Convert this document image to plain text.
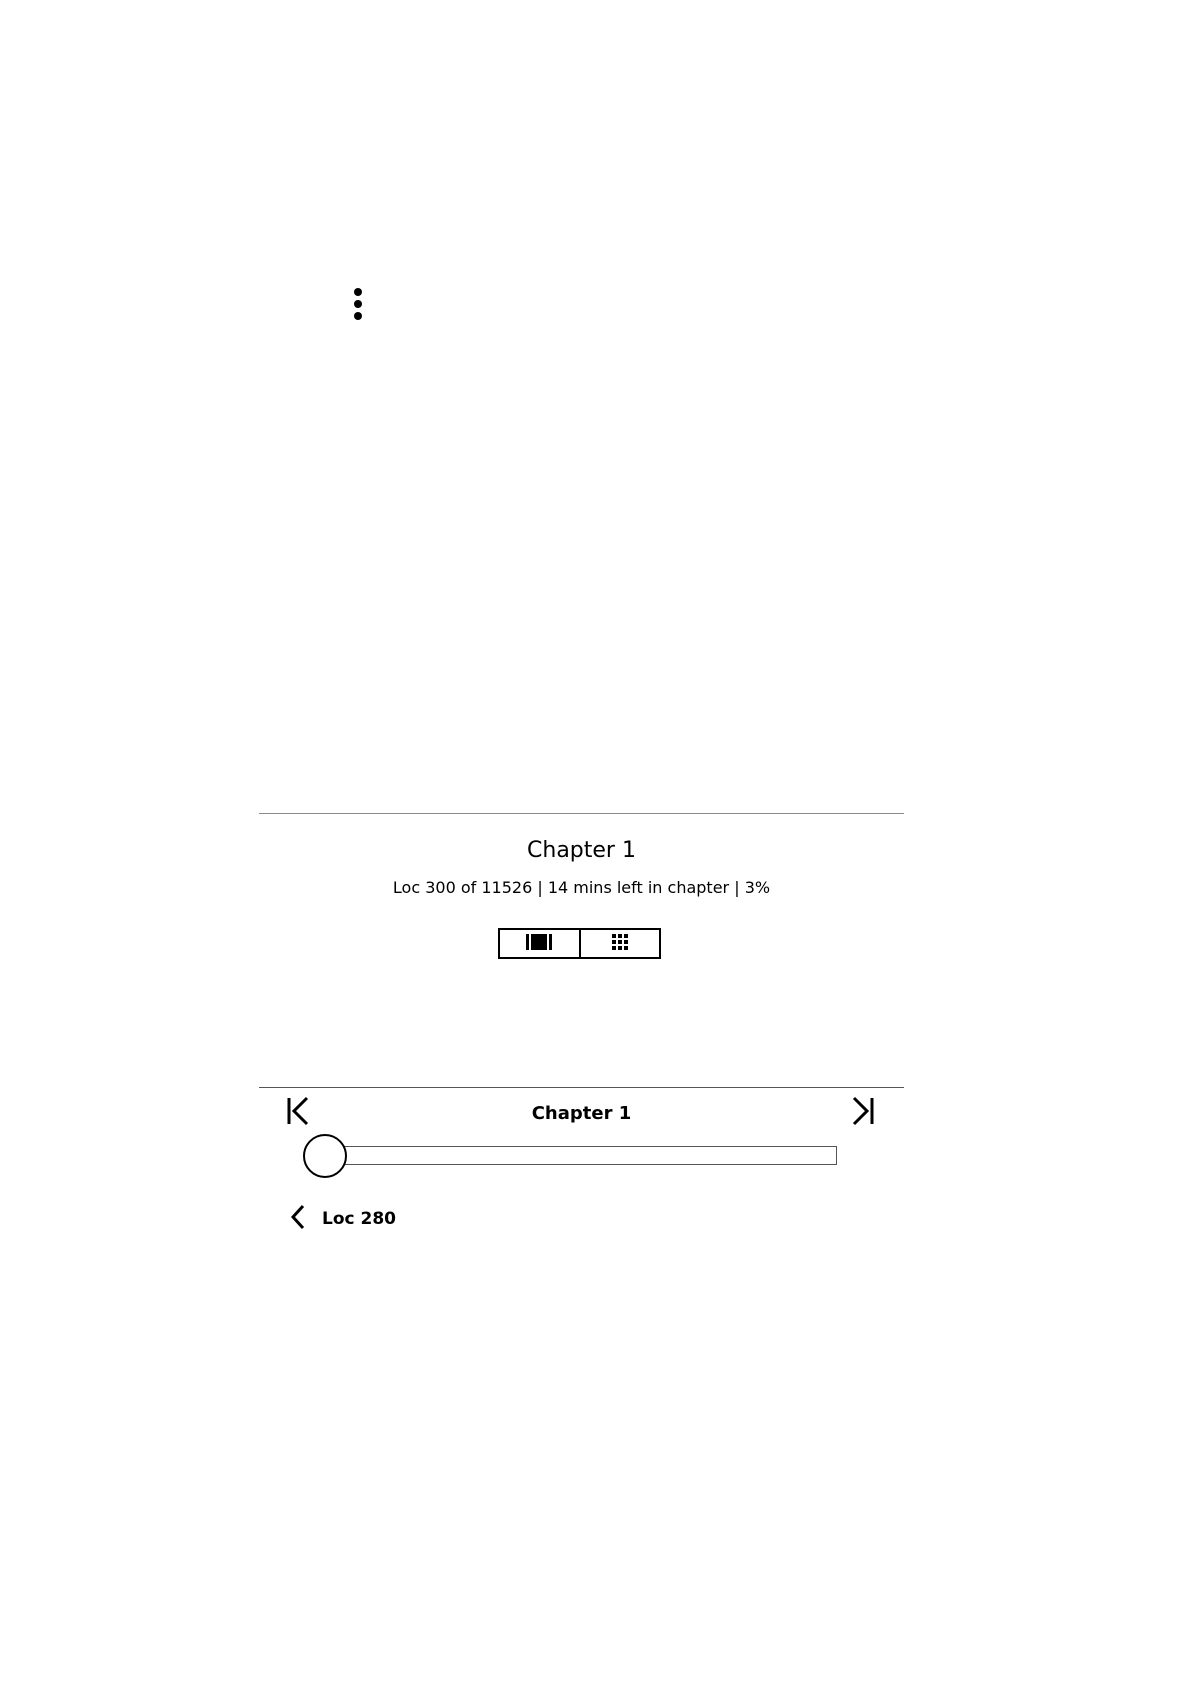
Chapter 1
Loc 300 of 11526 | 14 mins left in chapter | 3%
Chapter 1
Loc 280
